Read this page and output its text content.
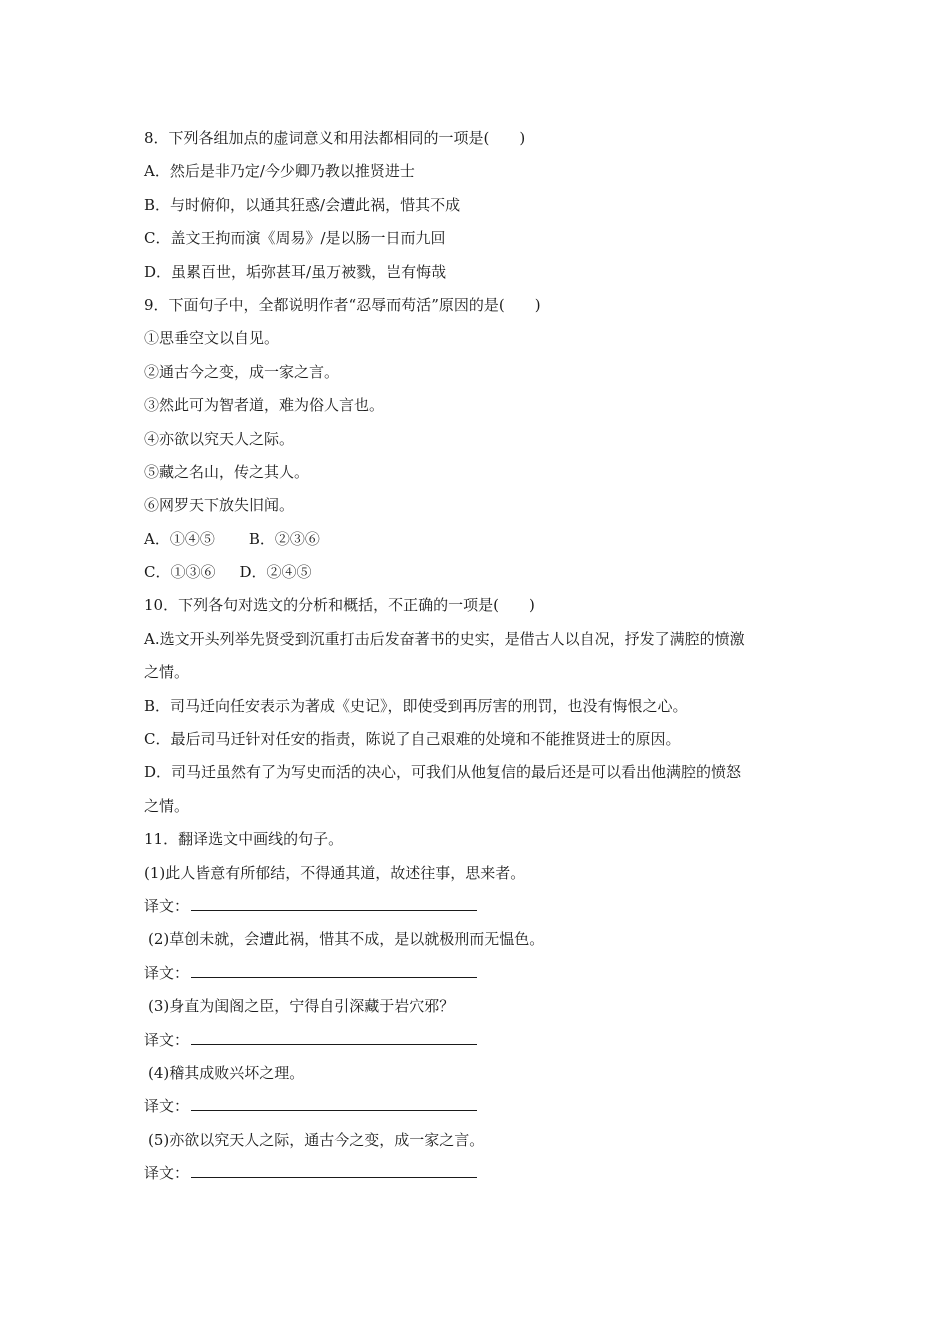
8．下列各组加点的虚词意义和用法都相同的一项是(　　)
A．然后是非乃定/今少卿乃教以推贤进士
B．与时俯仰，以通其狂惑/会遭此祸，惜其不成
C．盖文王拘而演《周易》/是以肠一日而九回
D．虽累百世，垢弥甚耳/虽万被戮，岂有悔哉
9．下面句子中，全都说明作者“忍辱而苟活”原因的是(　　)
①思垂空文以自见。
②通古今之变，成一家之言。
③然此可为智者道，难为俗人言也。
④亦欲以究天人之际。
⑤藏之名山，传之其人。
⑥网罗天下放失旧闻。
A．①④⑤ B．②③⑥
C．①③⑥ D．②④⑤
10．下列各句对选文的分析和概括，不正确的一项是(　　)
A.选文开头列举先贤受到沉重打击后发奋著书的史实，是借古人以自况，抒发了满腔的愤激
之情。
B．司马迁向任安表示为著成《史记》，即使受到再厉害的刑罚，也没有悔恨之心。
C．最后司马迁针对任安的指责，陈说了自己艰难的处境和不能推贤进士的原因。
D．司马迁虽然有了为写史而活的决心，可我们从他复信的最后还是可以看出他满腔的愤怒
之情。
11．翻译选文中画线的句子。
(1)此人皆意有所郁结，不得通其道，故述往事，思来者。
译文：
(2)草创未就，会遭此祸，惜其不成，是以就极刑而无愠色。
译文：
(3)身直为闺阁之臣，宁得自引深藏于岩穴邪？
译文：
(4)稽其成败兴坏之理。
译文：
(5)亦欲以究天人之际，通古今之变，成一家之言。
译文：
